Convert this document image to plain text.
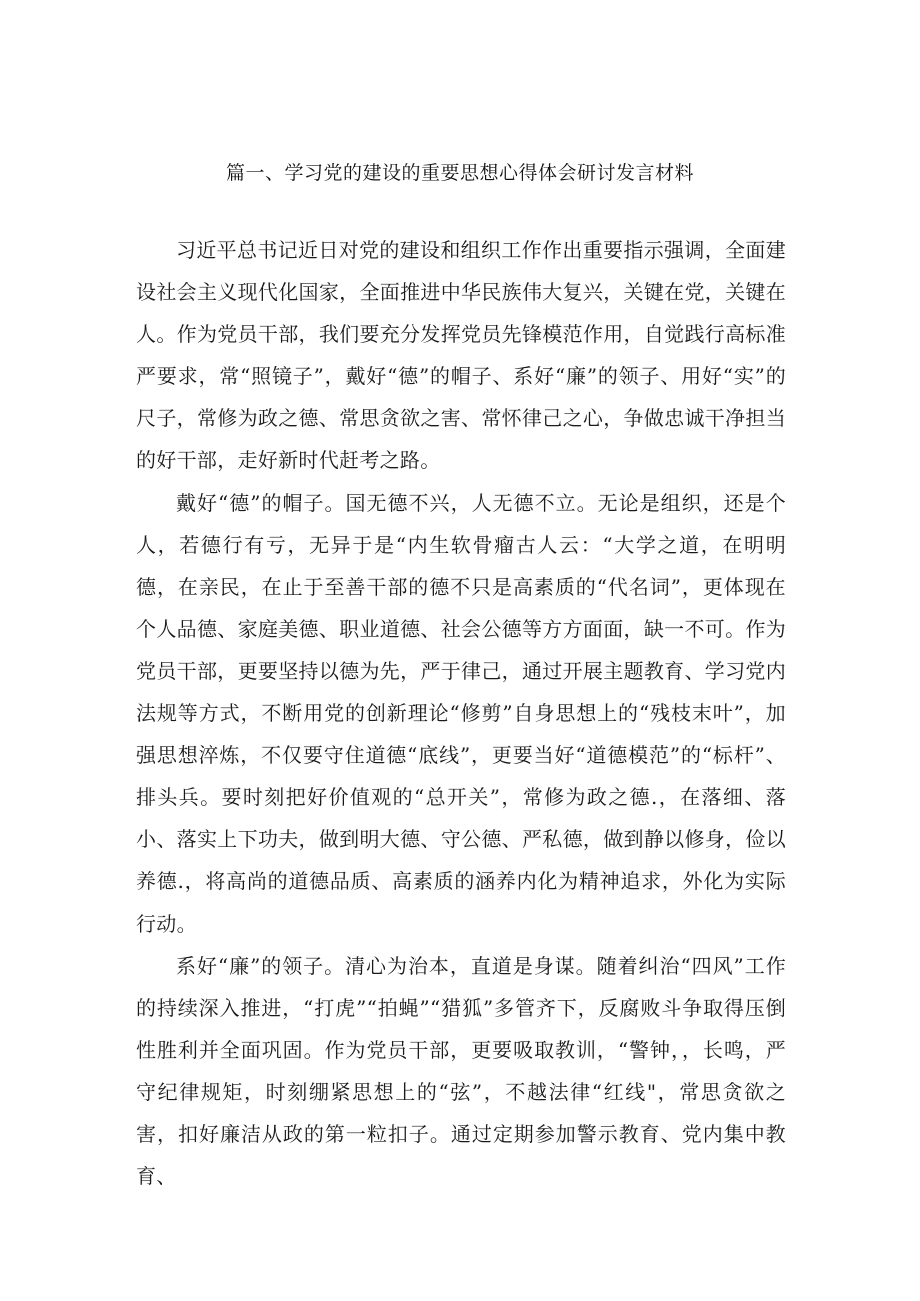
篇一、学习党的建设的重要思想心得体会研讨发言材料

习近平总书记近日对党的建设和组织工作作出重要指示强调，全面建设社会主义现代化国家，全面推进中华民族伟大复兴，关键在党，关键在人。作为党员干部，我们要充分发挥党员先锋模范作用，自觉践行高标准严要求，常“照镜子”，戴好“德”的帽子、系好“廉”的领子、用好“实”的尺子，常修为政之德、常思贪欲之害、常怀律己之心，争做忠诚干净担当的好干部，走好新时代赶考之路。

戴好“德”的帽子。国无德不兴，人无德不立。无论是组织，还是个人，若德行有亏，无异于是“内生软骨瘤古人云：“大学之道，在明明德，在亲民，在止于至善干部的德不只是高素质的“代名词”，更体现在个人品德、家庭美德、职业道德、社会公德等方方面面，缺一不可。作为党员干部，更要坚持以德为先，严于律己，通过开展主题教育、学习党内法规等方式，不断用党的创新理论“修剪”自身思想上的“残枝末叶”，加强思想淬炼，不仅要守住道德“底线”，更要当好“道德模范”的“标杆”、排头兵。要时刻把好价值观的“总开关”，常修为政之德.，在落细、落小、落实上下功夫，做到明大德、守公德、严私德，做到静以修身，俭以养德.，将高尚的道德品质、高素质的涵养内化为精神追求，外化为实际行动。

系好“廉”的领子。清心为治本，直道是身谋。随着纠治“四风”工作的持续深入推进，“打虎”“拍蝇”“猎狐”多管齐下，反腐败斗争取得压倒性胜利并全面巩固。作为党员干部，更要吸取教训，“警钟，，长鸣，严守纪律规矩，时刻绷紧思想上的“弦”，不越法律“红线"，常思贪欲之害，扣好廉洁从政的第一粒扣子。通过定期参加警示教育、党内集中教育、
